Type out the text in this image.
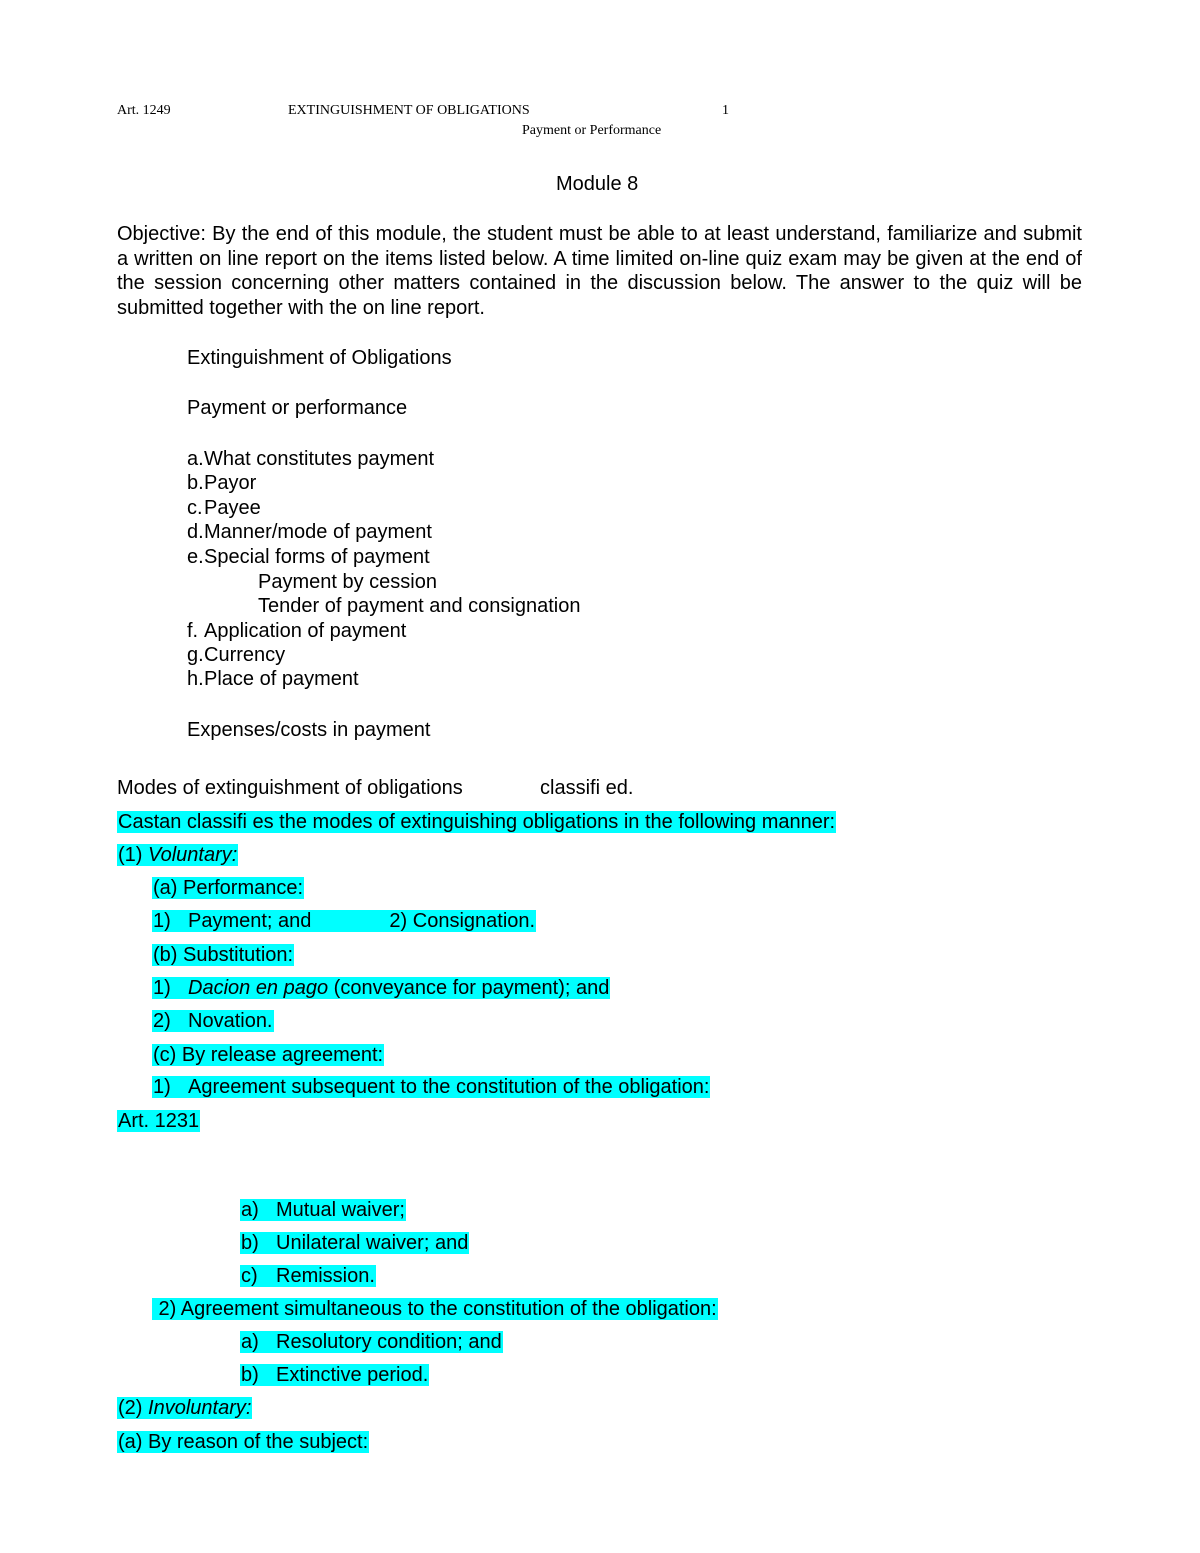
Art. 1249	EXTINGUISHMENT OF OBLIGATIONS	1
Payment or Performance
Module 8
Objective: By the end of this module, the student must be able to at least understand, familiarize and submit a written on line report on the items listed below. A time limited on-line quiz exam may be given at the end of the session concerning other matters contained in the discussion below. The answer to the quiz will be submitted together with the on line report.
Extinguishment of Obligations
Payment or performance
a.What constitutes payment
b.Payor
c.Payee
d.Manner/mode of payment
e.Special forms of payment
Payment by cession
Tender of payment and consignation
f. Application of payment
g.Currency
h.Place of payment
Expenses/costs in payment
Modes of extinguishment of obligations	classifi ed.
Castan classifi es the modes of extinguishing obligations in the following manner:
(1) Voluntary:
(a) Performance:
1) Payment; and	2) Consignation.
(b) Substitution:
1) Dacion en pago (conveyance for payment); and
2) Novation.
(c) By release agreement:
1) Agreement subsequent to the constitution of the obligation:
Art. 1231
a) Mutual waiver;
b) Unilateral waiver; and
c) Remission.
2) Agreement simultaneous to the constitution of the obligation:
a) Resolutory condition; and
b) Extinctive period.
(2) Involuntary:
(a) By reason of the subject:
